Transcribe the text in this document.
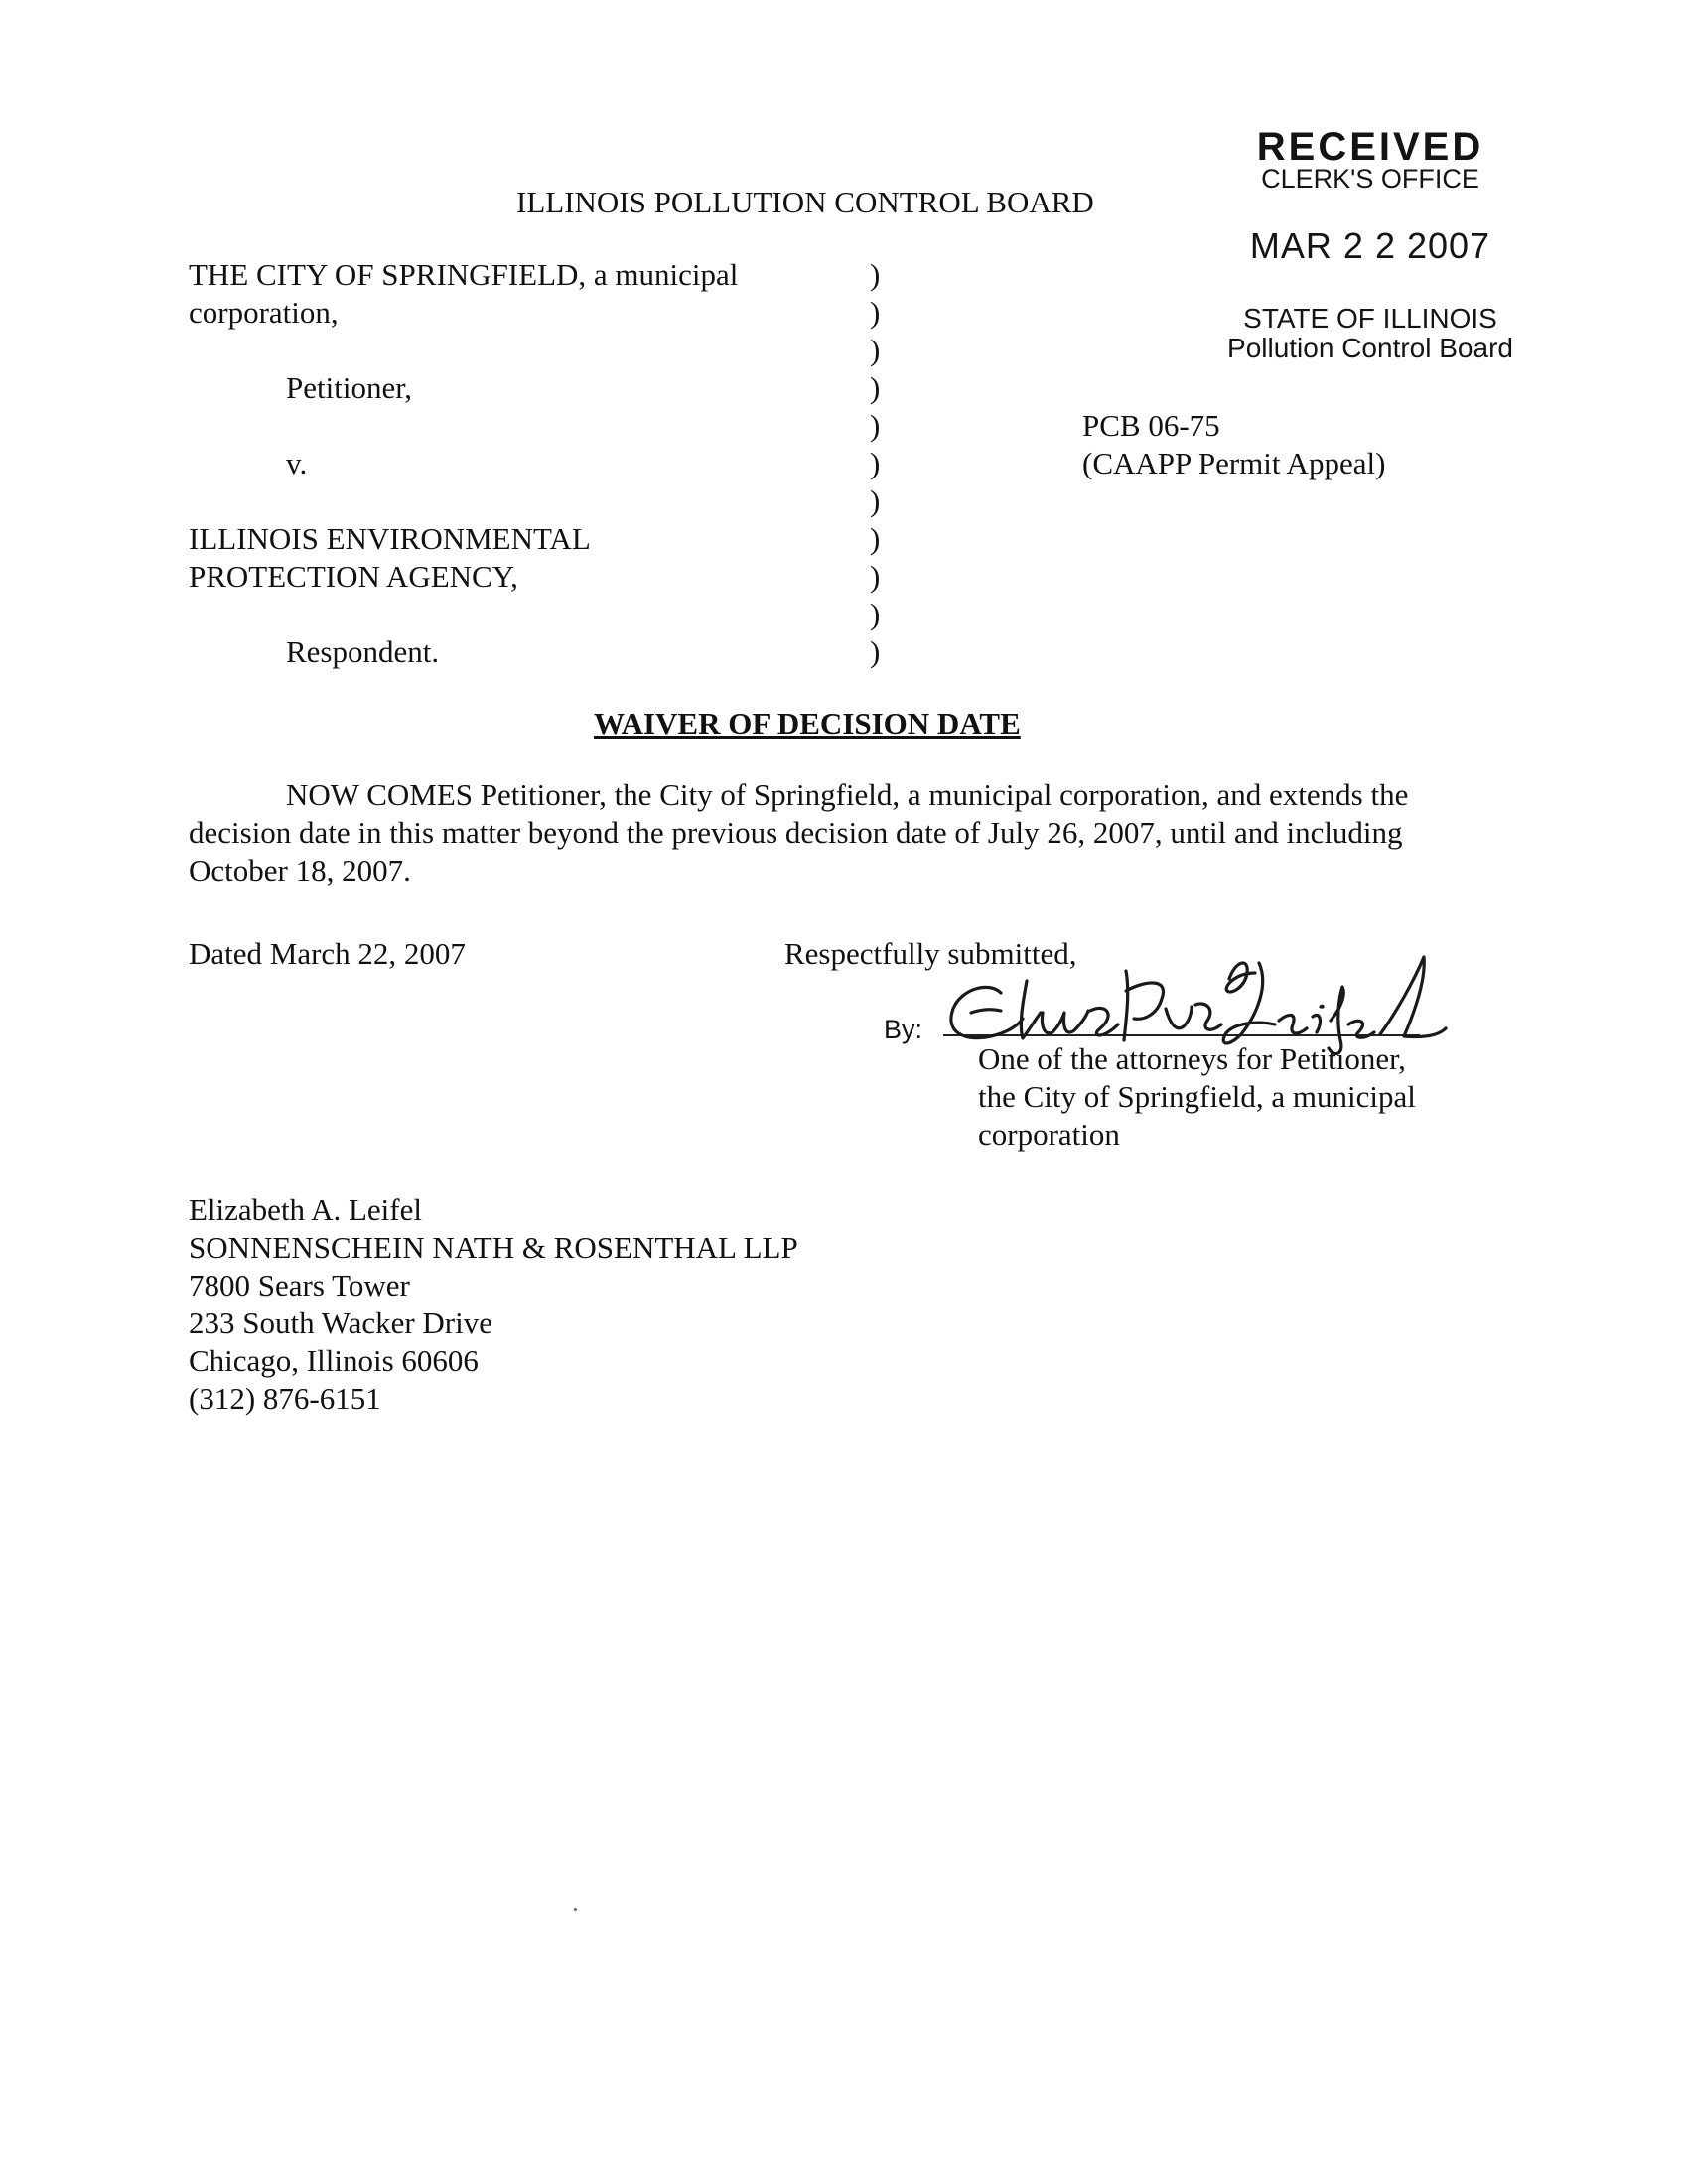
RECEIVED
CLERK'S OFFICE
MAR 2 2 2007
STATE OF ILLINOIS
Pollution Control Board
ILLINOIS POLLUTION CONTROL BOARD
THE CITY OF SPRINGFIELD, a municipal
corporation,
Petitioner,
v.
ILLINOIS ENVIRONMENTAL
PROTECTION AGENCY,
Respondent.
)
)
)
)
)
)
)
)
)
)
)
PCB 06-75
(CAAPP Permit Appeal)
WAIVER OF DECISION DATE
NOW COMES Petitioner, the City of Springfield, a municipal corporation, and extends the decision date in this matter beyond the previous decision date of July 26, 2007, until and including October 18, 2007.
Dated March 22, 2007	Respectfully submitted,
By:
One of the attorneys for Petitioner,
the City of Springfield, a municipal
corporation
Elizabeth A. Leifel
SONNENSCHEIN NATH & ROSENTHAL LLP
7800 Sears Tower
233 South Wacker Drive
Chicago, Illinois 60606
(312) 876-6151
